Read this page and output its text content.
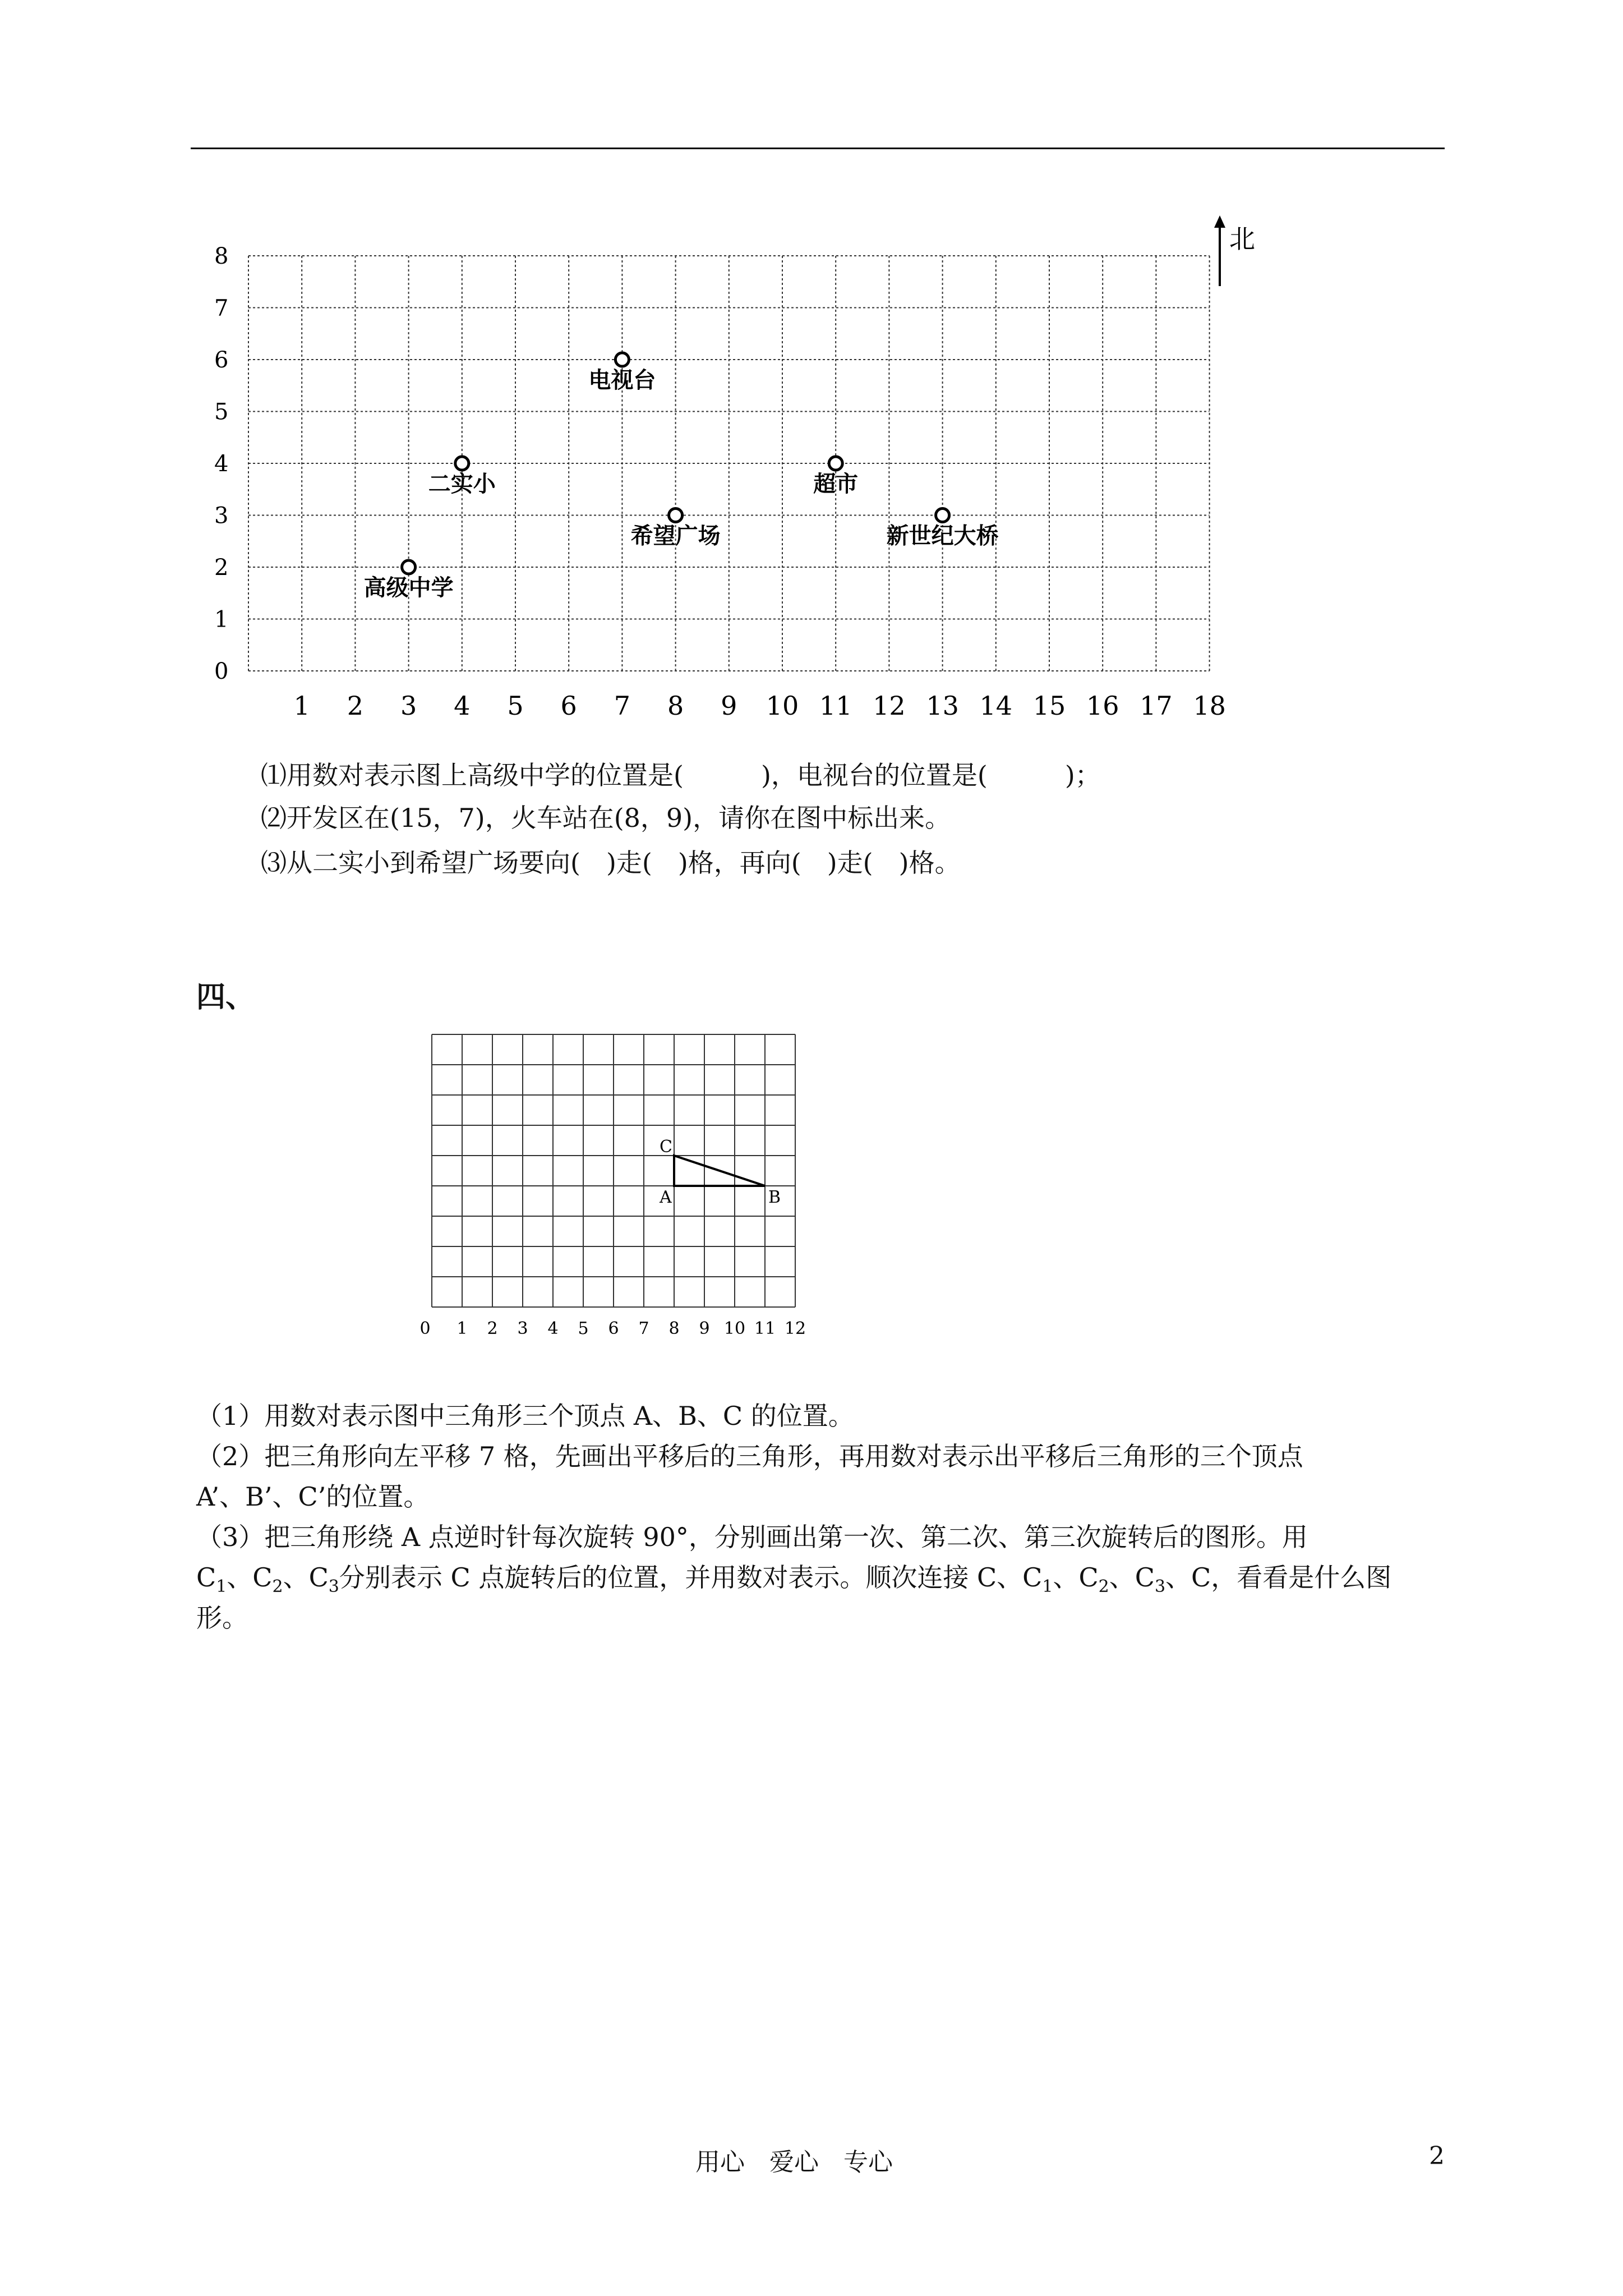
0
1
2
3
4
5
6
7
8
1 2 3 4 5 6 7 8 9 10 11 12 13 14 15 16 17 18
电视台
二实小	超市
希望广场	新世纪大桥
高级中学
北
⑴用数对表示图上高级中学的位置是(　　　)，电视台的位置是(　　　)；
⑵开发区在(15，7)，火车站在(8，9)，请你在图中标出来。
⑶从二实小到希望广场要向(　)走(　)格，再向(　)走(　)格。
四、
0 1 2 3 4 5 6 7 8 9 10 11 12
A	B
C
（1）用数对表示图中三角形三个顶点 A、B、C 的位置。
（2）把三角形向左平移 7 格，先画出平移后的三角形，再用数对表示出平移后三角形的三个顶点
A’、B’、C’的位置。
（3）把三角形绕 A 点逆时针每次旋转 90°，分别画出第一次、第二次、第三次旋转后的图形。用
$C_1$、$C_2$、$C_3$分别表示 C 点旋转后的位置，并用数对表示。顺次连接 C、$C_1$、$C_2$、$C_3$、C，看看是什么图
形。
用心　爱心　专心	2
